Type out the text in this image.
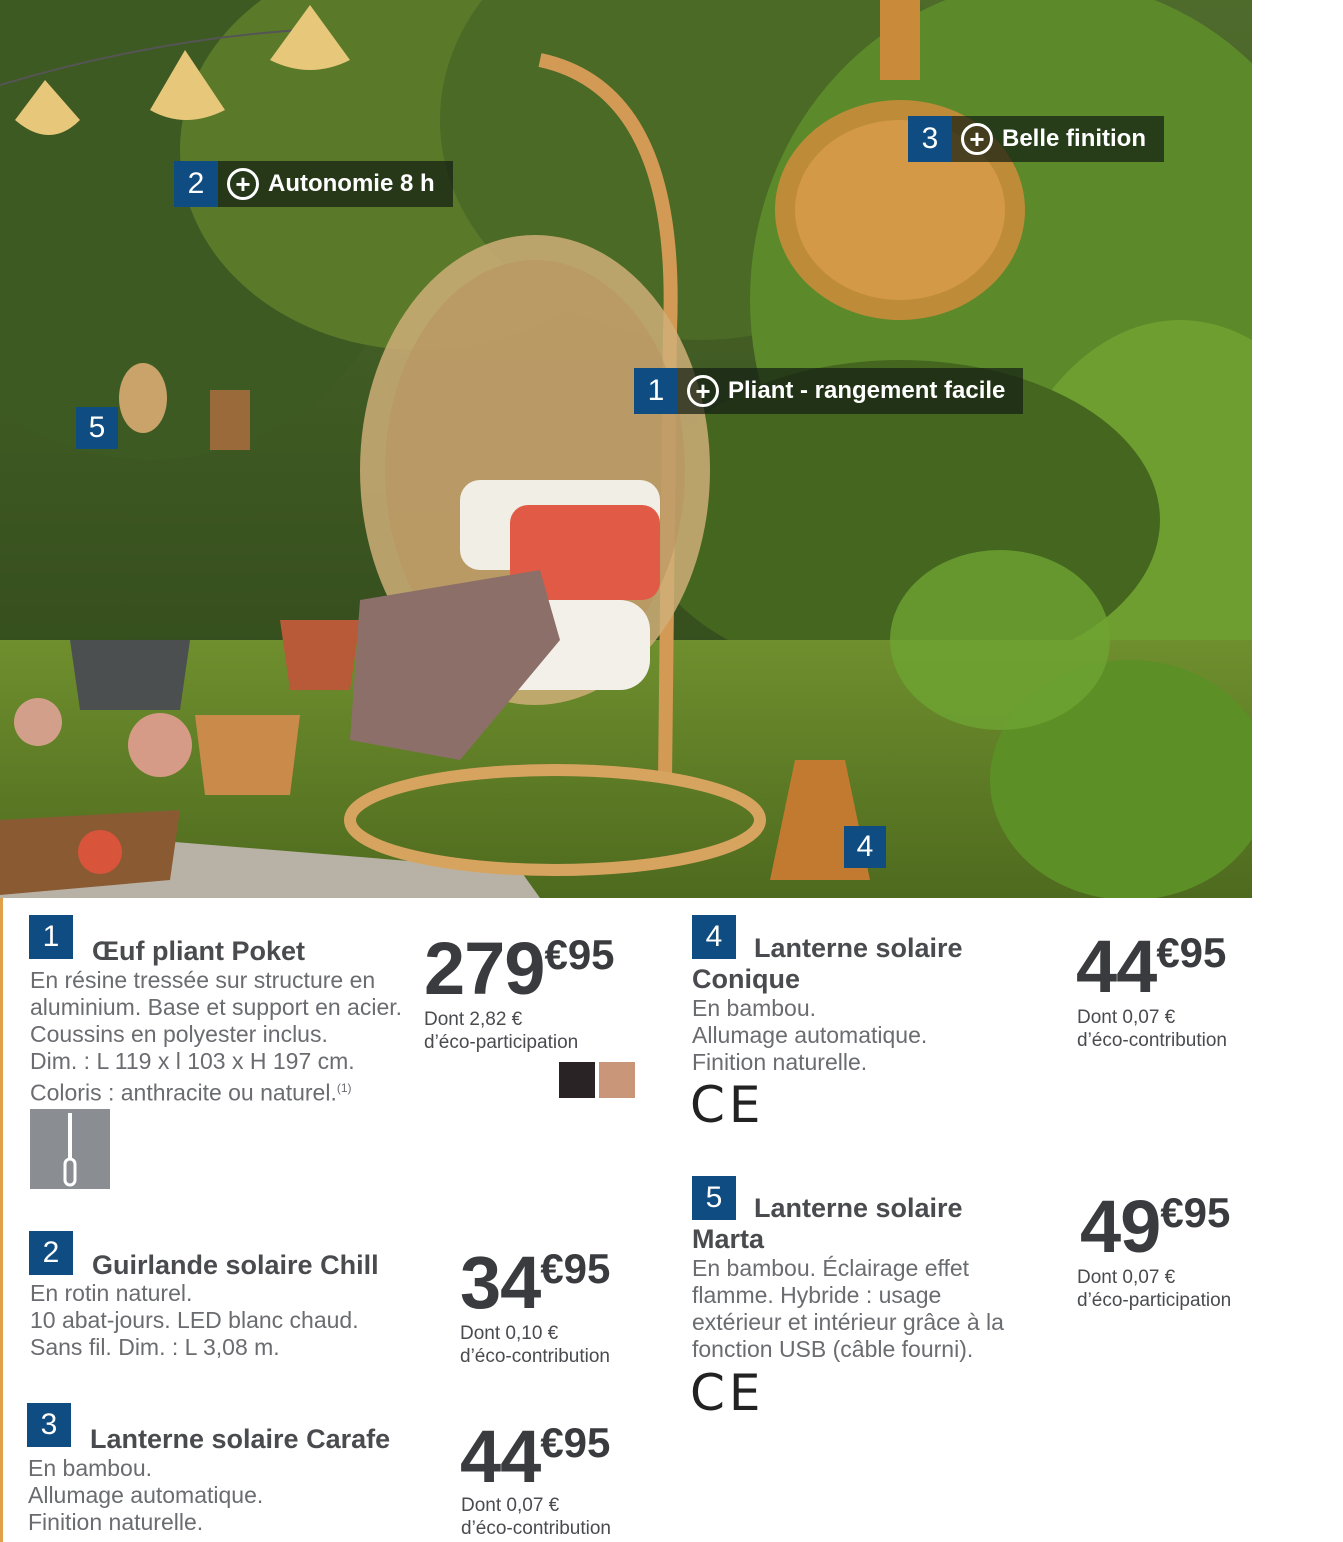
2	+ Autonomie 8 h
3	+ Belle finition
1	+ Pliant - rangement facile
5
4
1	Œuf pliant Poket
En résine tressée sur structure en
aluminium. Base et support en acier.
Coussins en polyester inclus.
Dim. : L 119 x l 103 x H 197 cm.
Coloris : anthracite ou naturel.$^{(1)}$
279€95
Dont 2,82 €
d’éco-participation
2	Guirlande solaire Chill
En rotin naturel.
10 abat-jours. LED blanc chaud.
Sans fil. Dim. : L 3,08 m.
34€95
Dont 0,10 €
d’éco-contribution
3	Lanterne solaire Carafe
En bambou.
Allumage automatique.
Finition naturelle.
44€95
Dont 0,07 €
d’éco-contribution
4	Lanterne solaire
Conique
En bambou.
Allumage automatique.
Finition naturelle.
CE
44€95
Dont 0,07 €
d’éco-contribution
5	Lanterne solaire
Marta
En bambou. Éclairage effet
flamme. Hybride : usage
extérieur et intérieur grâce à la
fonction USB (câble fourni).
CE
49€95
Dont 0,07 €
d’éco-participation
